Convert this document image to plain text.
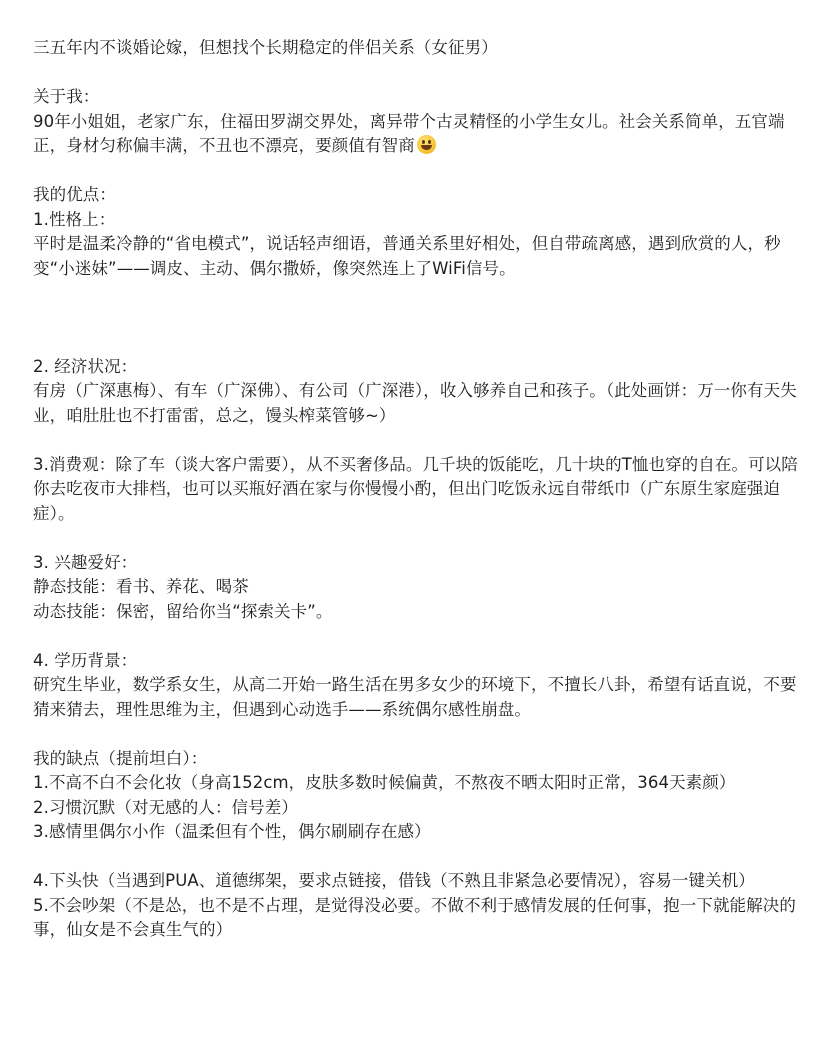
三五年内不谈婚论嫁，但想找个长期稳定的伴侣关系（女征男）

关于我：

90年小姐姐，老家广东，住福田罗湖交界处，离异带个古灵精怪的小学生女儿。社会关系简单，五官端正，身材匀称偏丰满，不丑也不漂亮，要颜值有智商

我的优点：

1.性格上：

平时是温柔冷静的“省电模式”，说话轻声细语，普通关系里好相处，但自带疏离感，遇到欣赏的人，秒变“小迷妹”——调皮、主动、偶尔撒娇，像突然连上了WiFi信号。

2. 经济状况：

有房（广深惠梅）、有车（广深佛）、有公司（广深港），收入够养自己和孩子。（此处画饼：万一你有天失业，咱肚肚也不打雷雷，总之，馒头榨菜管够~）

3.消费观：除了车（谈大客户需要），从不买奢侈品。几千块的饭能吃，几十块的T恤也穿的自在。可以陪你去吃夜市大排档，也可以买瓶好酒在家与你慢慢小酌，但出门吃饭永远自带纸巾（广东原生家庭强迫症）。

3. 兴趣爱好：

静态技能：看书、养花、喝茶

动态技能：保密，留给你当“探索关卡”。

4. 学历背景：

研究生毕业，数学系女生，从高二开始一路生活在男多女少的环境下，不擅长八卦，希望有话直说，不要猜来猜去，理性思维为主，但遇到心动选手——系统偶尔感性崩盘。

我的缺点（提前坦白）：

1.不高不白不会化妆（身高152cm，皮肤多数时候偏黄，不熬夜不晒太阳时正常，364天素颜）

2.习惯沉默（对无感的人：信号差）

3.感情里偶尔小作（温柔但有个性，偶尔刷刷存在感）

4.下头快（当遇到PUA、道德绑架，要求点链接，借钱（不熟且非紧急必要情况），容易一键关机）

5.不会吵架（不是怂，也不是不占理，是觉得没必要。不做不利于感情发展的任何事，抱一下就能解决的事，仙女是不会真生气的）
